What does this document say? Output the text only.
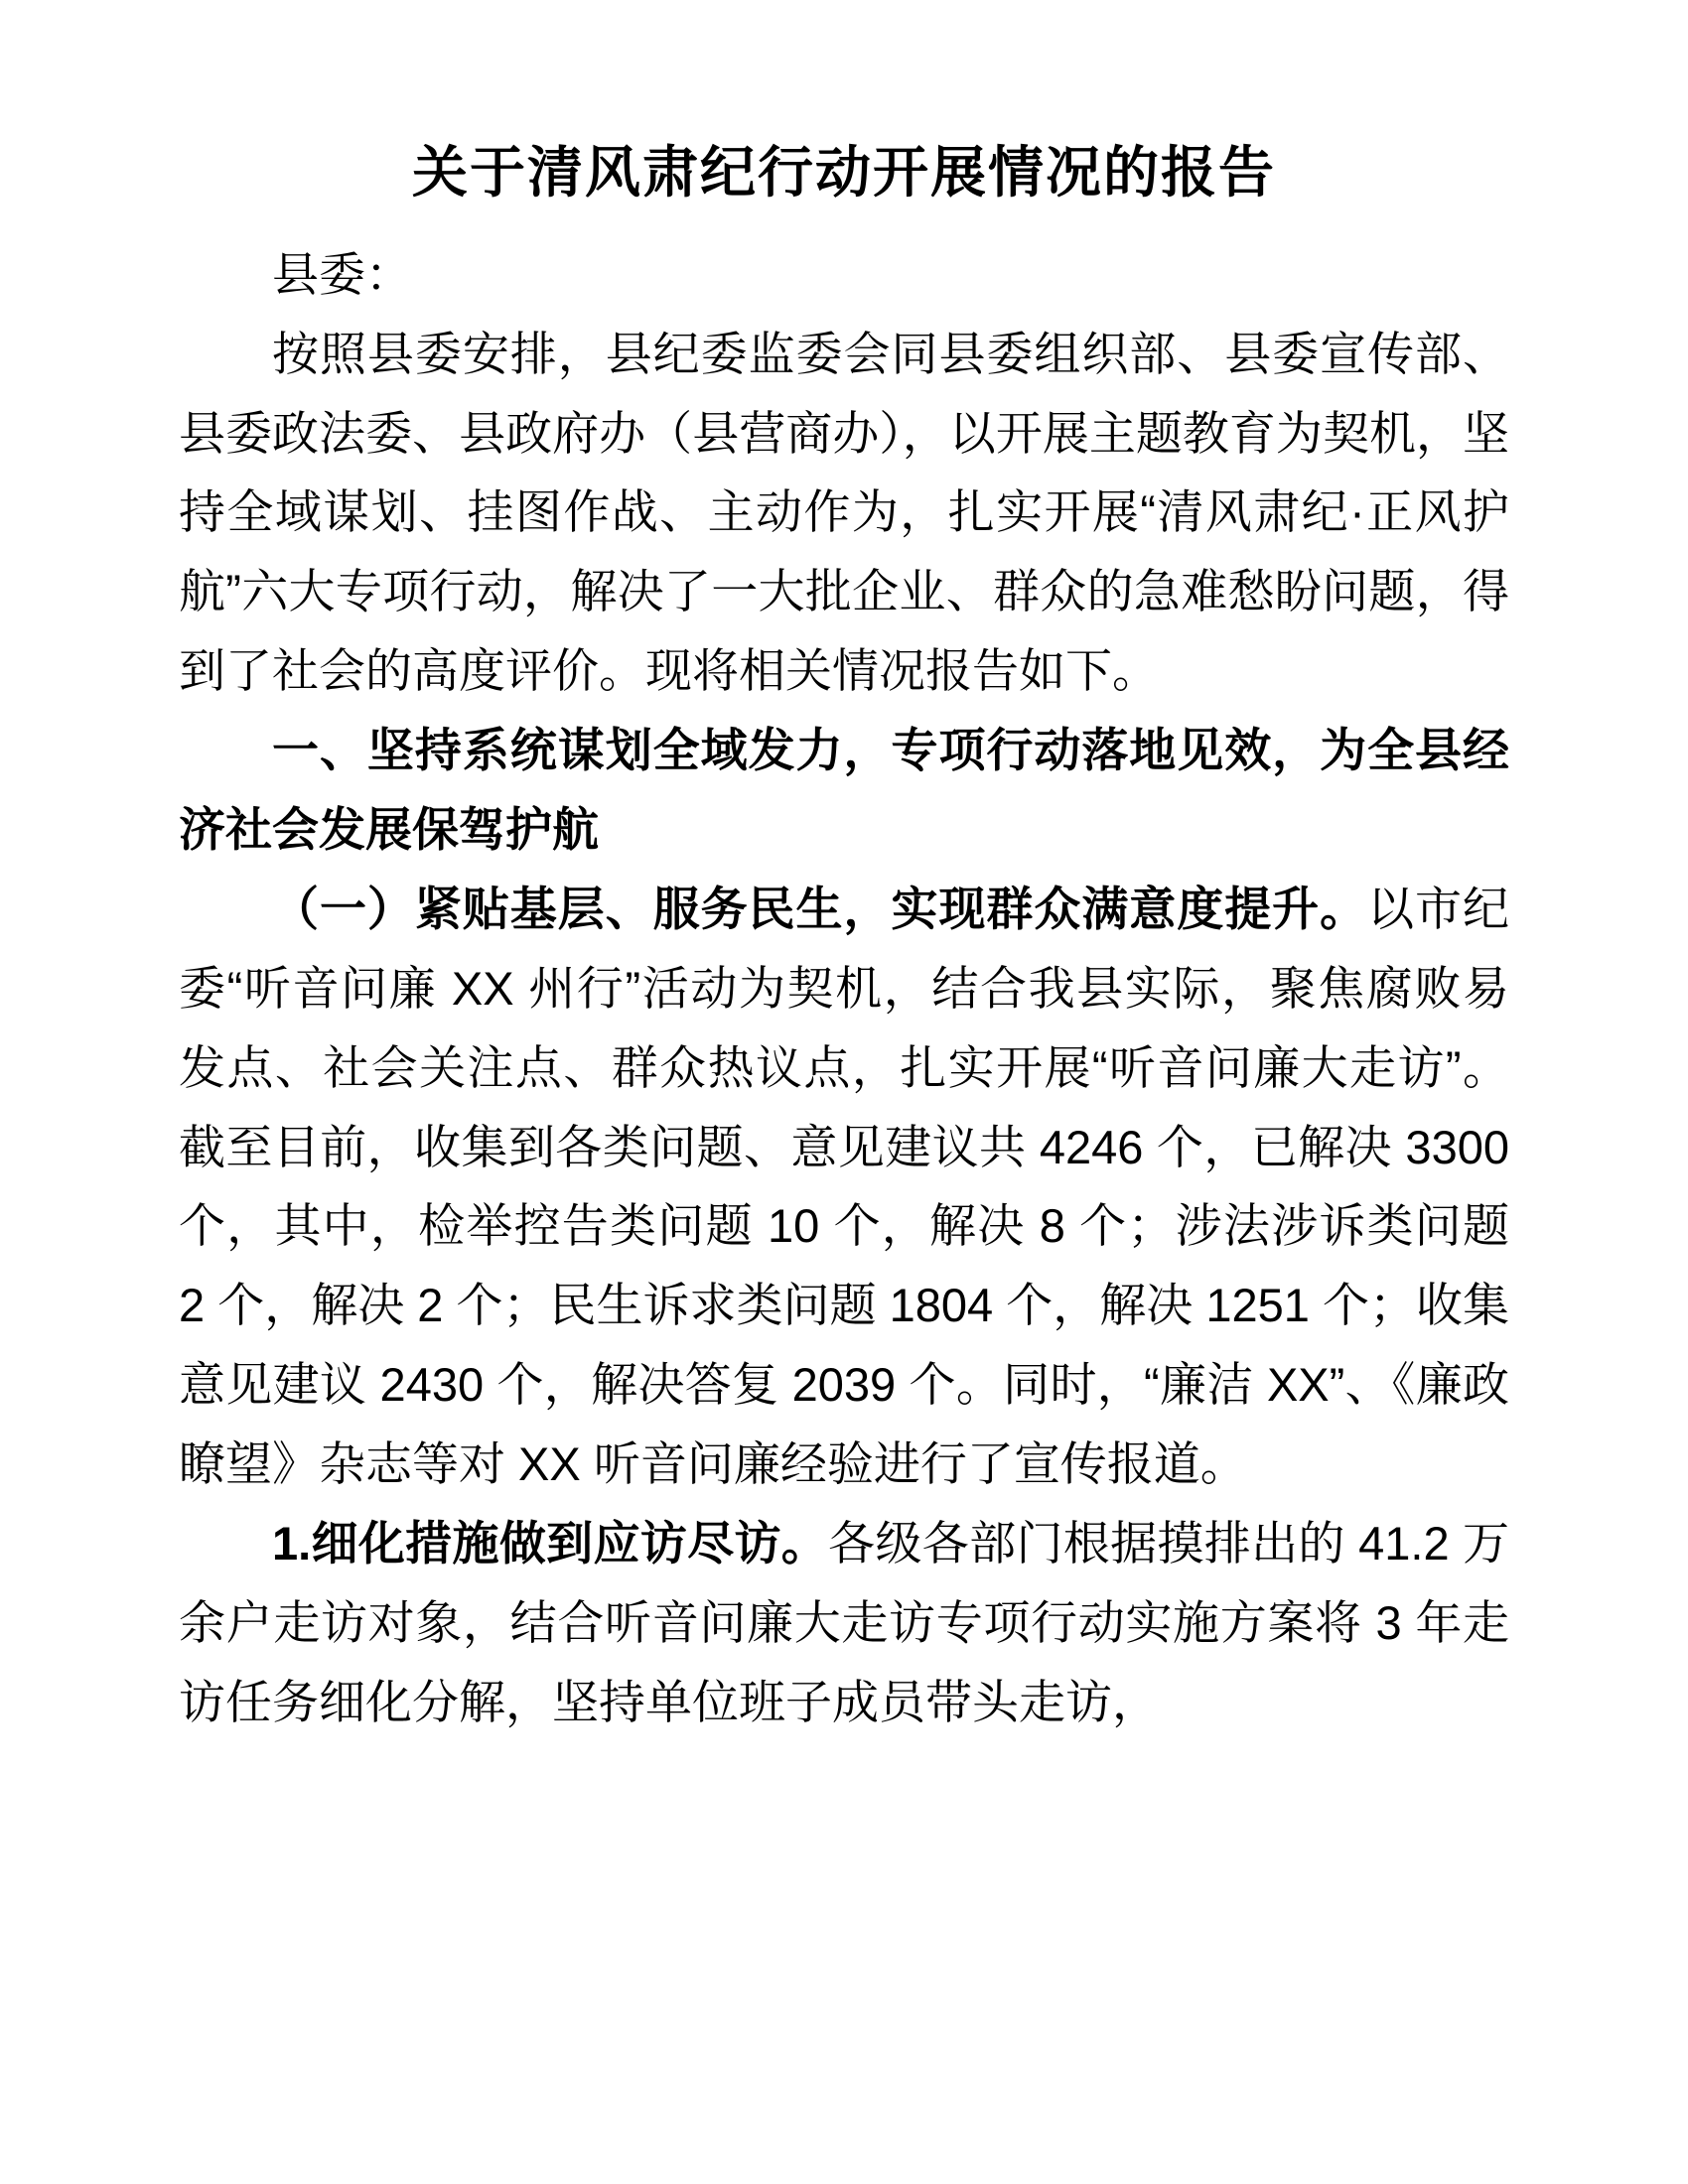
关于清风肃纪行动开展情况的报告

县委：

按照县委安排，县纪委监委会同县委组织部、县委宣传部、县委政法委、县政府办（县营商办），以开展主题教育为契机，坚持全域谋划、挂图作战、主动作为，扎实开展“清风肃纪·正风护航”六大专项行动，解决了一大批企业、群众的急难愁盼问题，得到了社会的高度评价。现将相关情况报告如下。

一、坚持系统谋划全域发力，专项行动落地见效，为全县经济社会发展保驾护航

（一）紧贴基层、服务民生，实现群众满意度提升。以市纪委“听音问廉 XX 州行”活动为契机，结合我县实际，聚焦腐败易发点、社会关注点、群众热议点，扎实开展“听音问廉大走访”。截至目前，收集到各类问题、意见建议共 4246 个，已解决 3300 个，其中，检举控告类问题 10 个，解决 8 个；涉法涉诉类问题 2 个，解决 2 个；民生诉求类问题 1804 个，解决 1251 个；收集意见建议 2430 个，解决答复 2039 个。同时，“廉洁 XX”、《廉政瞭望》杂志等对 XX 听音问廉经验进行了宣传报道。

1.细化措施做到应访尽访。各级各部门根据摸排出的 41.2 万余户走访对象，结合听音问廉大走访专项行动实施方案将 3 年走访任务细化分解，坚持单位班子成员带头走访，
